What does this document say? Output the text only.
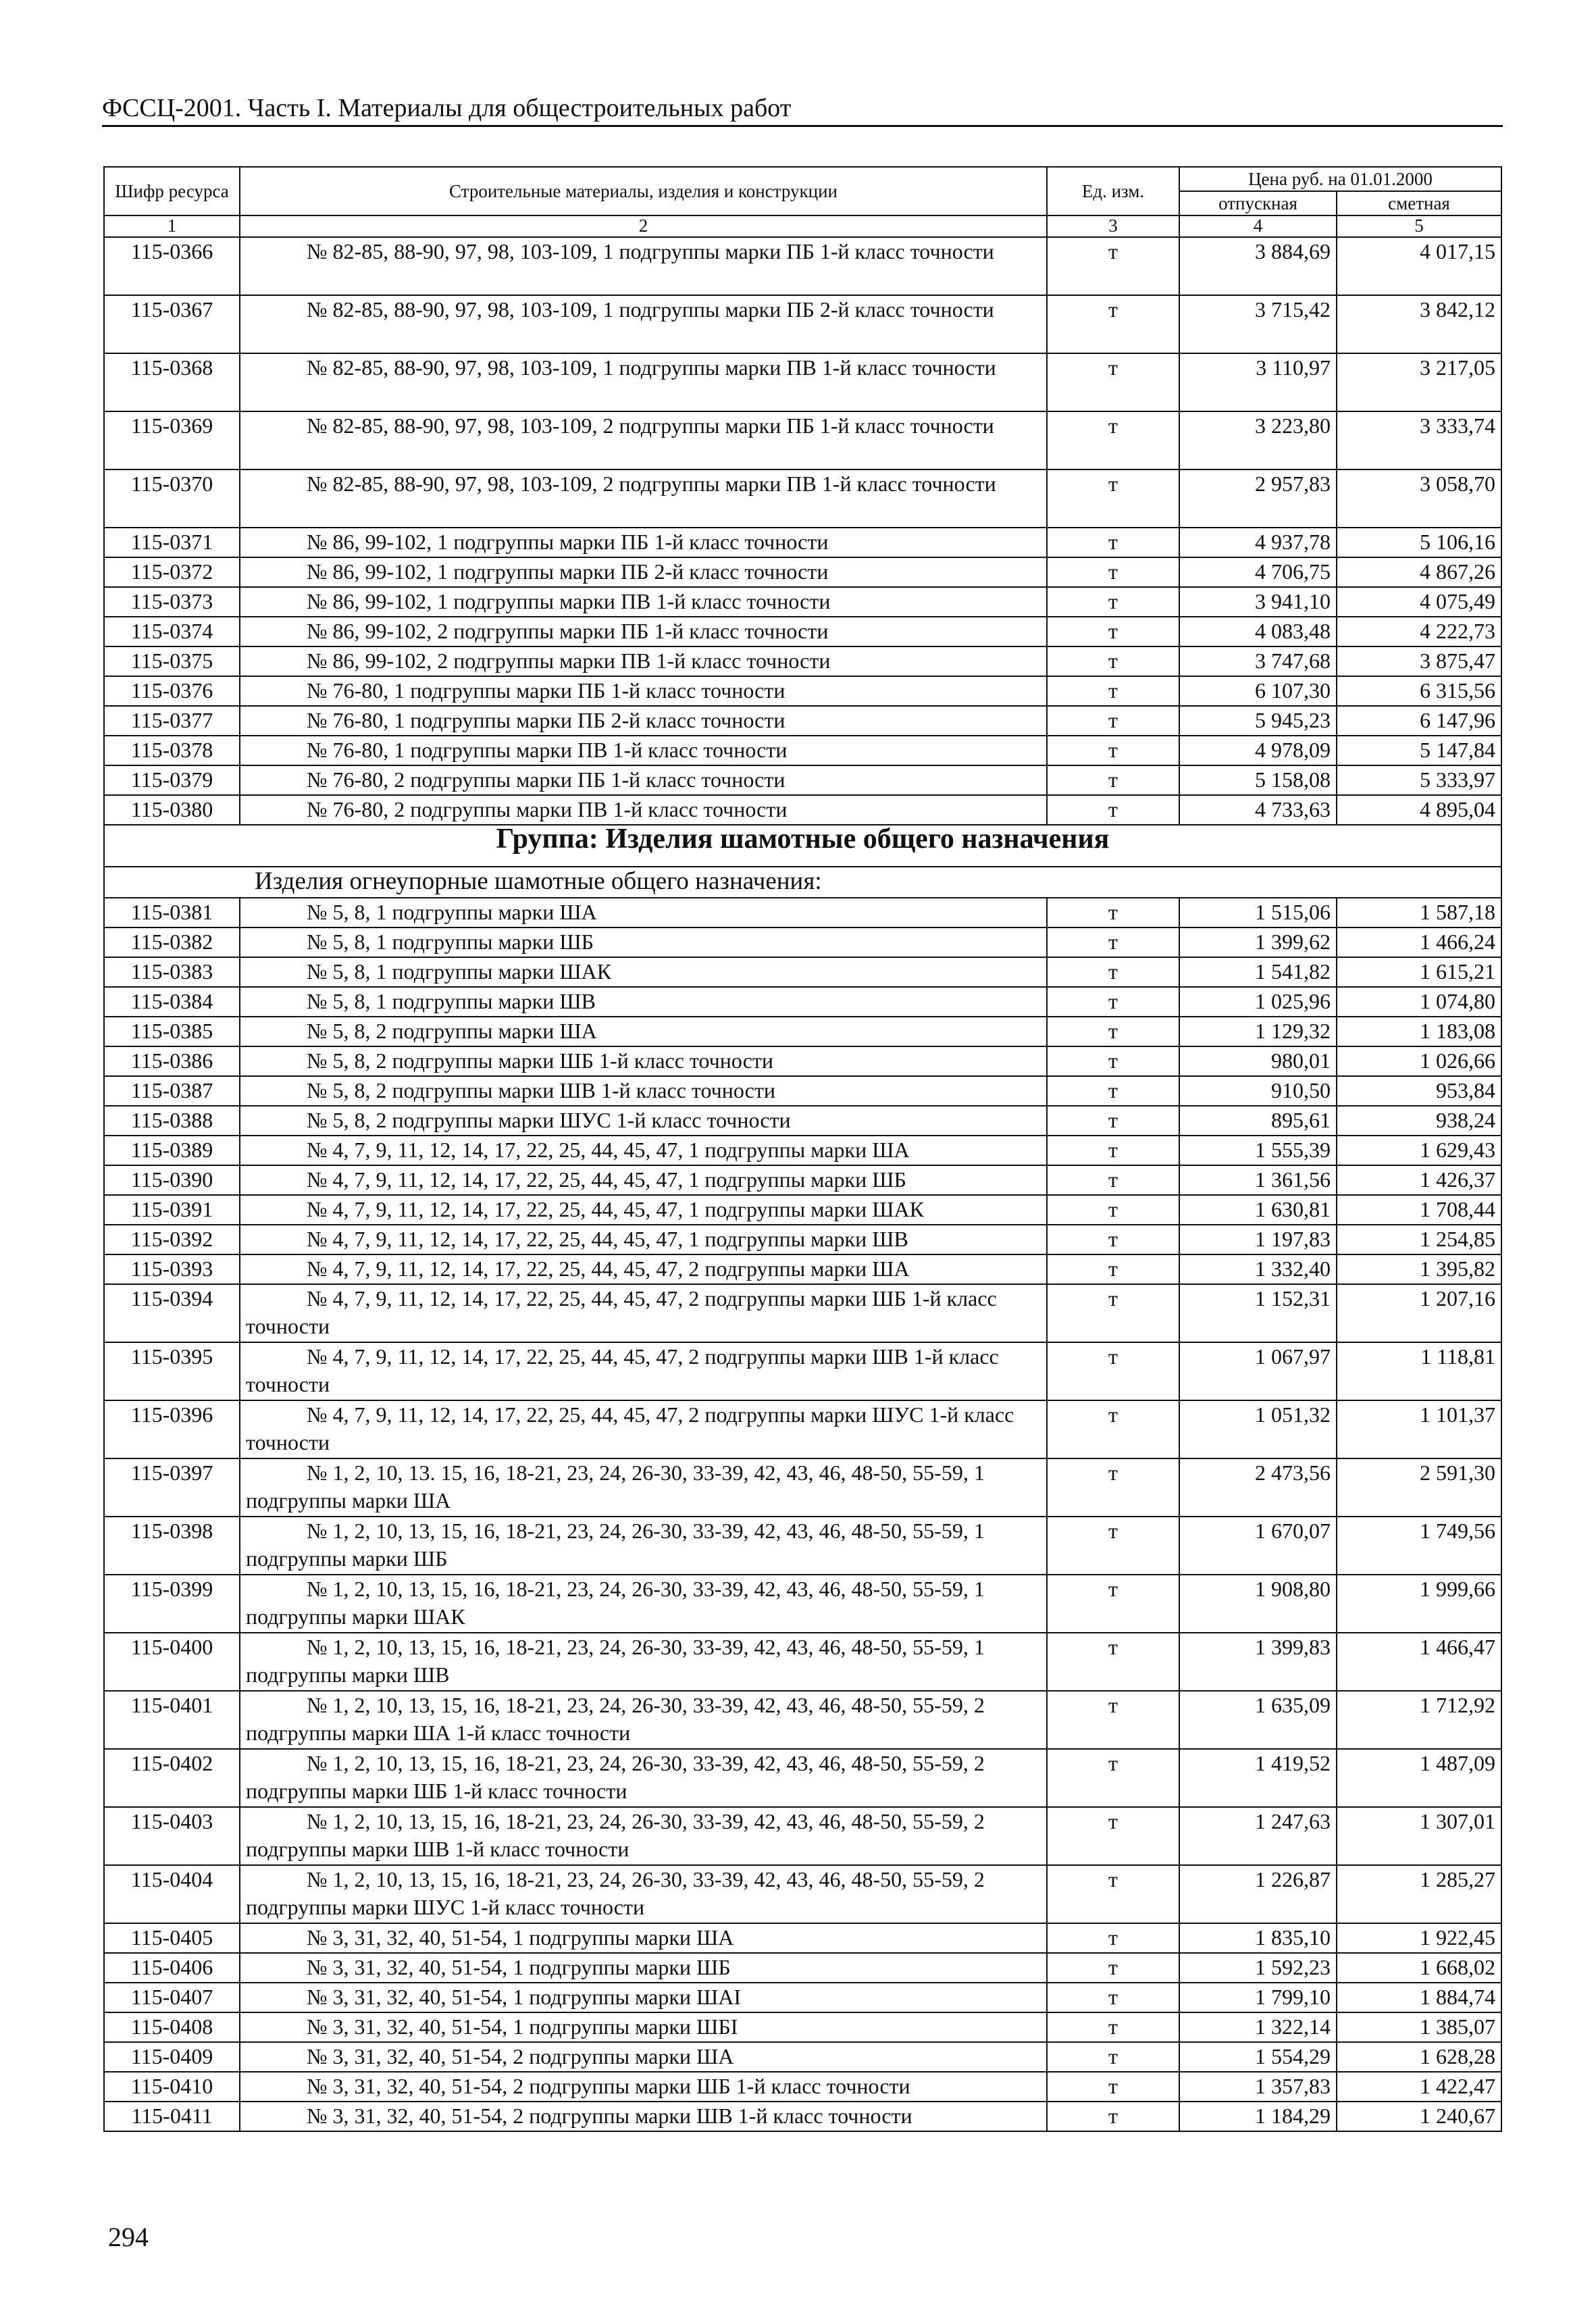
ФССЦ-2001. Часть I. Материалы для общестроительных работ
Шифр ресурса	Строительные материалы, изделия и конструкции	Ед. изм.	Цена руб. на 01.01.2000	
			отпускная	сметная
1	2	3	4	5
115-0366	№ 82-85, 88-90, 97, 98, 103-109, 1 подгруппы марки ПБ 1-й класс точности	т	3 884,69	4 017,15
115-0367	№ 82-85, 88-90, 97, 98, 103-109, 1 подгруппы марки ПБ 2-й класс точности	т	3 715,42	3 842,12
115-0368	№ 82-85, 88-90, 97, 98, 103-109, 1 подгруппы марки ПВ 1-й класс точности	т	3 110,97	3 217,05
115-0369	№ 82-85, 88-90, 97, 98, 103-109, 2 подгруппы марки ПБ 1-й класс точности	т	3 223,80	3 333,74
115-0370	№ 82-85, 88-90, 97, 98, 103-109, 2 подгруппы марки ПВ 1-й класс точности	т	2 957,83	3 058,70
115-0371	№ 86, 99-102, 1 подгруппы марки ПБ 1-й класс точности	т	4 937,78	5 106,16
115-0372	№ 86, 99-102, 1 подгруппы марки ПБ 2-й класс точности	т	4 706,75	4 867,26
115-0373	№ 86, 99-102, 1 подгруппы марки ПВ 1-й класс точности	т	3 941,10	4 075,49
115-0374	№ 86, 99-102, 2 подгруппы марки ПБ 1-й класс точности	т	4 083,48	4 222,73
115-0375	№ 86, 99-102, 2 подгруппы марки ПВ 1-й класс точности	т	3 747,68	3 875,47
115-0376	№ 76-80, 1 подгруппы марки ПБ 1-й класс точности	т	6 107,30	6 315,56
115-0377	№ 76-80, 1 подгруппы марки ПБ 2-й класс точности	т	5 945,23	6 147,96
115-0378	№ 76-80, 1 подгруппы марки ПВ 1-й класс точности	т	4 978,09	5 147,84
115-0379	№ 76-80, 2 подгруппы марки ПБ 1-й класс точности	т	5 158,08	5 333,97
115-0380	№ 76-80, 2 подгруппы марки ПВ 1-й класс точности	т	4 733,63	4 895,04
Группа: Изделия шамотные общего назначения				
Изделия огнеупорные шамотные общего назначения:				
115-0381	№ 5, 8, 1 подгруппы марки ША	т	1 515,06	1 587,18
115-0382	№ 5, 8, 1 подгруппы марки ШБ	т	1 399,62	1 466,24
115-0383	№ 5, 8, 1 подгруппы марки ШАК	т	1 541,82	1 615,21
115-0384	№ 5, 8, 1 подгруппы марки ШВ	т	1 025,96	1 074,80
115-0385	№ 5, 8, 2 подгруппы марки ША	т	1 129,32	1 183,08
115-0386	№ 5, 8, 2 подгруппы марки ШБ 1-й класс точности	т	980,01	1 026,66
115-0387	№ 5, 8, 2 подгруппы марки ШВ 1-й класс точности	т	910,50	953,84
115-0388	№ 5, 8, 2 подгруппы марки ШУС 1-й класс точности	т	895,61	938,24
115-0389	№ 4, 7, 9, 11, 12, 14, 17, 22, 25, 44, 45, 47, 1 подгруппы марки ША	т	1 555,39	1 629,43
115-0390	№ 4, 7, 9, 11, 12, 14, 17, 22, 25, 44, 45, 47, 1 подгруппы марки ШБ	т	1 361,56	1 426,37
115-0391	№ 4, 7, 9, 11, 12, 14, 17, 22, 25, 44, 45, 47, 1 подгруппы марки ШАК	т	1 630,81	1 708,44
115-0392	№ 4, 7, 9, 11, 12, 14, 17, 22, 25, 44, 45, 47, 1 подгруппы марки ШВ	т	1 197,83	1 254,85
115-0393	№ 4, 7, 9, 11, 12, 14, 17, 22, 25, 44, 45, 47, 2 подгруппы марки ША	т	1 332,40	1 395,82
115-0394	№ 4, 7, 9, 11, 12, 14, 17, 22, 25, 44, 45, 47, 2 подгруппы марки ШБ 1-й класс точности	т	1 152,31	1 207,16
115-0395	№ 4, 7, 9, 11, 12, 14, 17, 22, 25, 44, 45, 47, 2 подгруппы марки ШВ 1-й класс точности	т	1 067,97	1 118,81
115-0396	№ 4, 7, 9, 11, 12, 14, 17, 22, 25, 44, 45, 47, 2 подгруппы марки ШУС 1-й класс точности	т	1 051,32	1 101,37
115-0397	№ 1, 2, 10, 13. 15, 16, 18-21, 23, 24, 26-30, 33-39, 42, 43, 46, 48-50, 55-59, 1 подгруппы марки ША	т	2 473,56	2 591,30
115-0398	№ 1, 2, 10, 13, 15, 16, 18-21, 23, 24, 26-30, 33-39, 42, 43, 46, 48-50, 55-59, 1 подгруппы марки ШБ	т	1 670,07	1 749,56
115-0399	№ 1, 2, 10, 13, 15, 16, 18-21, 23, 24, 26-30, 33-39, 42, 43, 46, 48-50, 55-59, 1 подгруппы марки ШАК	т	1 908,80	1 999,66
115-0400	№ 1, 2, 10, 13, 15, 16, 18-21, 23, 24, 26-30, 33-39, 42, 43, 46, 48-50, 55-59, 1 подгруппы марки ШВ	т	1 399,83	1 466,47
115-0401	№ 1, 2, 10, 13, 15, 16, 18-21, 23, 24, 26-30, 33-39, 42, 43, 46, 48-50, 55-59, 2 подгруппы марки ША 1-й класс точности	т	1 635,09	1 712,92
115-0402	№ 1, 2, 10, 13, 15, 16, 18-21, 23, 24, 26-30, 33-39, 42, 43, 46, 48-50, 55-59, 2 подгруппы марки ШБ 1-й класс точности	т	1 419,52	1 487,09
115-0403	№ 1, 2, 10, 13, 15, 16, 18-21, 23, 24, 26-30, 33-39, 42, 43, 46, 48-50, 55-59, 2 подгруппы марки ШВ 1-й класс точности	т	1 247,63	1 307,01
115-0404	№ 1, 2, 10, 13, 15, 16, 18-21, 23, 24, 26-30, 33-39, 42, 43, 46, 48-50, 55-59, 2 подгруппы марки ШУС 1-й класс точности	т	1 226,87	1 285,27
115-0405	№ 3, 31, 32, 40, 51-54, 1 подгруппы марки ША	т	1 835,10	1 922,45
115-0406	№ 3, 31, 32, 40, 51-54, 1 подгруппы марки ШБ	т	1 592,23	1 668,02
115-0407	№ 3, 31, 32, 40, 51-54, 1 подгруппы марки ШАI	т	1 799,10	1 884,74
115-0408	№ 3, 31, 32, 40, 51-54, 1 подгруппы марки ШБI	т	1 322,14	1 385,07
115-0409	№ 3, 31, 32, 40, 51-54, 2 подгруппы марки ША	т	1 554,29	1 628,28
115-0410	№ 3, 31, 32, 40, 51-54, 2 подгруппы марки ШБ 1-й класс точности	т	1 357,83	1 422,47
115-0411	№ 3, 31, 32, 40, 51-54, 2 подгруппы марки ШВ 1-й класс точности	т	1 184,29	1 240,67
294
